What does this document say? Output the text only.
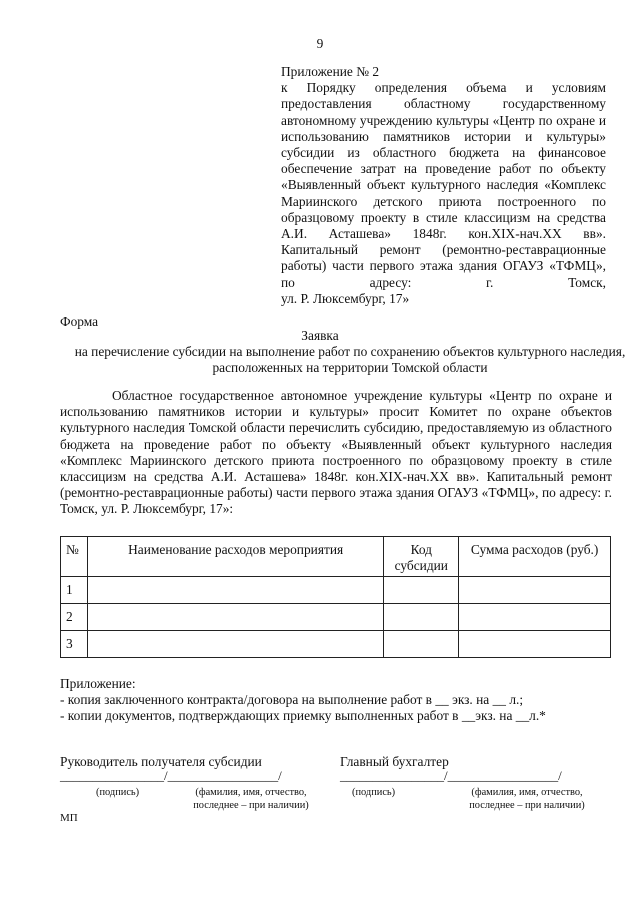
9
Приложение № 2
к Порядку определения объема и условиям предоставления областному государственному автономному учреждению культуры «Центр по охране и использованию памятников истории и культуры» субсидии из областного бюджета на финансовое обеспечение затрат на проведение работ по объекту «Выявленный объект культурного наследия «Комплекс Мариинского детского приюта построенного по образцовому проекту в стиле классицизм на средства А.И. Асташева» 1848г. кон.XIX-нач.XX вв». Капитальный ремонт (ремонтно-реставрационные работы) части первого этажа здания ОГАУЗ «ТФМЦ», по адресу: г. Томск,
ул. Р. Люксембург, 17»
Форма
Заявка
на перечисление субсидии на выполнение работ по сохранению объектов культурного наследия, расположенных на территории Томской области
Областное государственное автономное учреждение культуры «Центр по охране и использованию памятников истории и культуры» просит Комитет по охране объектов культурного наследия Томской области перечислить субсидию, предоставляемую из областного бюджета на проведение работ по объекту «Выявленный объект культурного наследия «Комплекс Мариинского детского приюта построенного по образцовому проекту в стиле классицизм на средства А.И. Асташева» 1848г. кон.XIX-нач.XX вв». Капитальный ремонт (ремонтно-реставрационные работы) части первого этажа здания ОГАУЗ «ТФМЦ», по адресу: г. Томск, ул. Р. Люксембург, 17»:
№	Наименование расходов мероприятия	Код субсидии	Сумма расходов (руб.)
1			
2			
3			
Приложение:
- копия заключенного контракта/договора на выполнение работ в __ экз. на __ л.;
- копии документов, подтверждающих приемку выполненных работ в __экз. на __л.*
Руководитель получателя субсидии	Главный бухгалтер
________________/_________________/	________________/_________________/
(подпись)	(фамилия, имя, отчество, последнее – при наличии)
(подпись)	(фамилия, имя, отчество, последнее – при наличии)
МП
